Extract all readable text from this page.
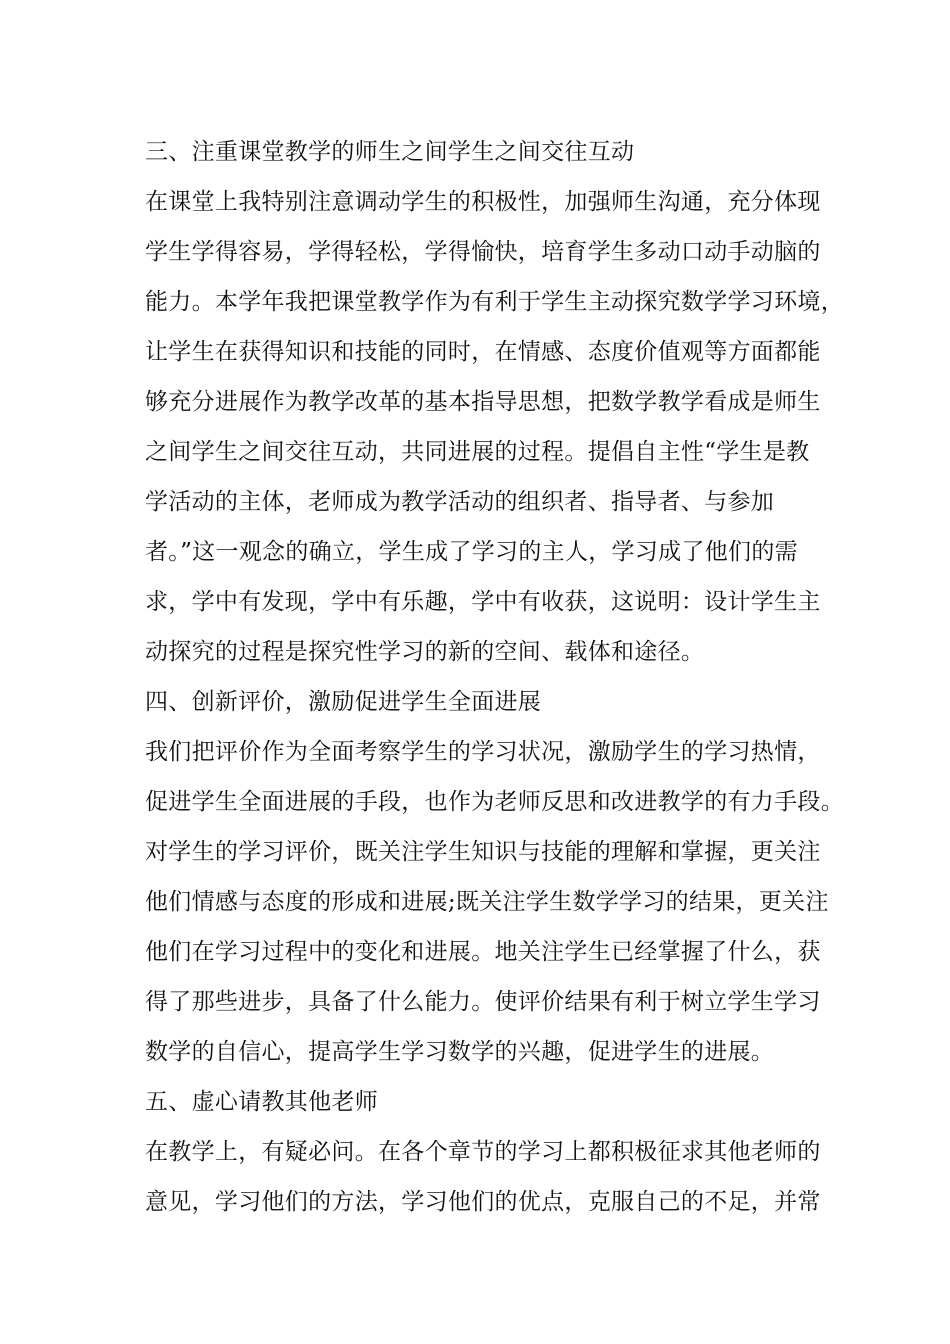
三、注重课堂教学的师生之间学生之间交往互动

在课堂上我特别注意调动学生的积极性，加强师生沟通，充分体现

学生学得容易，学得轻松，学得愉快，培育学生多动口动手动脑的

能力。本学年我把课堂教学作为有利于学生主动探究数学学习环境，

让学生在获得知识和技能的同时，在情感、态度价值观等方面都能

够充分进展作为教学改革的基本指导思想，把数学教学看成是师生

之间学生之间交往互动，共同进展的过程。提倡自主性“学生是教

学活动的主体，老师成为教学活动的组织者、指导者、与参加

者。”这一观念的确立，学生成了学习的主人，学习成了他们的需

求，学中有发现，学中有乐趣，学中有收获，这说明：设计学生主

动探究的过程是探究性学习的新的空间、载体和途径。

四、创新评价，激励促进学生全面进展

我们把评价作为全面考察学生的学习状况，激励学生的学习热情，

促进学生全面进展的手段，也作为老师反思和改进教学的有力手段。

对学生的学习评价，既关注学生知识与技能的理解和掌握，更关注

他们情感与态度的形成和进展;既关注学生数学学习的结果，更关注

他们在学习过程中的变化和进展。地关注学生已经掌握了什么，获

得了那些进步，具备了什么能力。使评价结果有利于树立学生学习

数学的自信心，提高学生学习数学的兴趣，促进学生的进展。

五、虚心请教其他老师

在教学上，有疑必问。在各个章节的学习上都积极征求其他老师的

意见，学习他们的方法，学习他们的优点，克服自己的不足，并常
